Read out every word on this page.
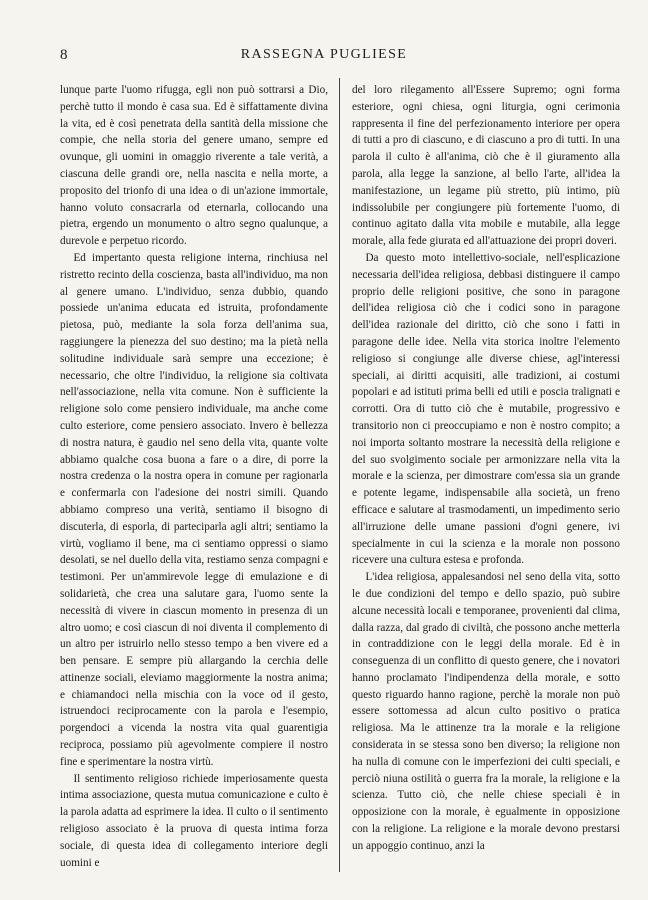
8	RASSEGNA PUGLIESE

lunque parte l'uomo rifugga, egli non può sottrarsi a Dio, perchè tutto il mondo è casa sua. Ed è siffattamente divina la vita, ed è così penetrata della santità della missione che compie, che nella storia del genere umano, sempre ed ovunque, gli uomini in omaggio riverente a tale verità, a ciascuna delle grandi ore, nella nascita e nella morte, a proposito del trionfo di una idea o di un'azione immortale, hanno voluto consacrarla od eternarla, collocando una pietra, ergendo un monumento o altro segno qualunque, a durevole e perpetuo ricordo.

Ed impertanto questa religione interna, rinchiusa nel ristretto recinto della coscienza, basta all'individuo, ma non al genere umano. L'individuo, senza dubbio, quando possiede un'anima educata ed istruita, profondamente pietosa, può, mediante la sola forza dell'anima sua, raggiungere la pienezza del suo destino; ma la pietà nella solitudine individuale sarà sempre una eccezione; è necessario, che oltre l'individuo, la religione sia coltivata nell'associazione, nella vita comune. Non è sufficiente la religione solo come pensiero individuale, ma anche come culto esteriore, come pensiero associato. Invero è bellezza di nostra natura, è gaudio nel seno della vita, quante volte abbiamo qualche cosa buona a fare o a dire, di porre la nostra credenza o la nostra opera in comune per ragionarla e confermarla con l'adesione dei nostri simili. Quando abbiamo compreso una verità, sentiamo il bisogno di discuterla, di esporla, di parteciparla agli altri; sentiamo la virtù, vogliamo il bene, ma ci sentiamo oppressi o siamo desolati, se nel duello della vita, restiamo senza compagni e testimoni. Per un'ammirevole legge di emulazione e di solidarietà, che crea una salutare gara, l'uomo sente la necessità di vivere in ciascun momento in presenza di un altro uomo; e così ciascun di noi diventa il complemento di un altro per istruirlo nello stesso tempo a ben vivere ed a ben pensare. E sempre più allargando la cerchia delle attinenze sociali, eleviamo maggiormente la nostra anima; e chiamandoci nella mischia con la voce od il gesto, istruendoci reciprocamente con la parola e l'esempio, porgendoci a vicenda la nostra vita qual guarentigia reciproca, possiamo più agevolmente compiere il nostro fine e sperimentare la nostra virtù.

Il sentimento religioso richiede imperiosamente questa intima associazione, questa mutua comunicazione e culto è la parola adatta ad esprimere la idea. Il culto o il sentimento religioso associato è la pruova di questa intima forza sociale, di questa idea di collegamento interiore degli uomini e

del loro rilegamento all'Essere Supremo; ogni forma esteriore, ogni chiesa, ogni liturgia, ogni cerimonia rappresenta il fine del perfezionamento interiore per opera di tutti a pro di ciascuno, e di ciascuno a pro di tutti. In una parola il culto è all'anima, ciò che è il giuramento alla parola, alla legge la sanzione, al bello l'arte, all'idea la manifestazione, un legame più stretto, più intimo, più indissolubile per congiungere più fortemente l'uomo, di continuo agitato dalla vita mobile e mutabile, alla legge morale, alla fede giurata ed all'attuazione dei propri doveri.

Da questo moto intellettivo-sociale, nell'esplicazione necessaria dell'idea religiosa, debbasi distinguere il campo proprio delle religioni positive, che sono in paragone dell'idea religiosa ciò che i codici sono in paragone dell'idea razionale del diritto, ciò che sono i fatti in paragone delle idee. Nella vita storica inoltre l'elemento religioso si congiunge alle diverse chiese, agl'interessi speciali, ai diritti acquisiti, alle tradizioni, ai costumi popolari e ad istituti prima belli ed utili e poscia tralignati e corrotti. Ora di tutto ciò che è mutabile, progressivo e transitorio non ci preoccupiamo e non è nostro compito; a noi importa soltanto mostrare la necessità della religione e del suo svolgimento sociale per armonizzare nella vita la morale e la scienza, per dimostrare com'essa sia un grande e potente legame, indispensabile alla società, un freno efficace e salutare al trasmodamenti, un impedimento serio all'irruzione delle umane passioni d'ogni genere, ivi specialmente in cui la scienza e la morale non possono ricevere una cultura estesa e profonda.

L'idea religiosa, appalesandosi nel seno della vita, sotto le due condizioni del tempo e dello spazio, può subire alcune necessità locali e temporanee, provenienti dal clima, dalla razza, dal grado di civiltà, che possono anche metterla in contraddizione con le leggi della morale. Ed è in conseguenza di un conflitto di questo genere, che i novatori hanno proclamato l'indipendenza della morale, e sotto questo riguardo hanno ragione, perchè la morale non può essere sottomessa ad alcun culto positivo o pratica religiosa. Ma le attinenze tra la morale e la religione considerata in se stessa sono ben diverso; la religione non ha nulla di comune con le imperfezioni dei culti speciali, e perciò niuna ostilità o guerra fra la morale, la religione e la scienza. Tutto ciò, che nelle chiese speciali è in opposizione con la morale, è egualmente in opposizione con la religione. La religione e la morale devono prestarsi un appoggio continuo, anzi la
